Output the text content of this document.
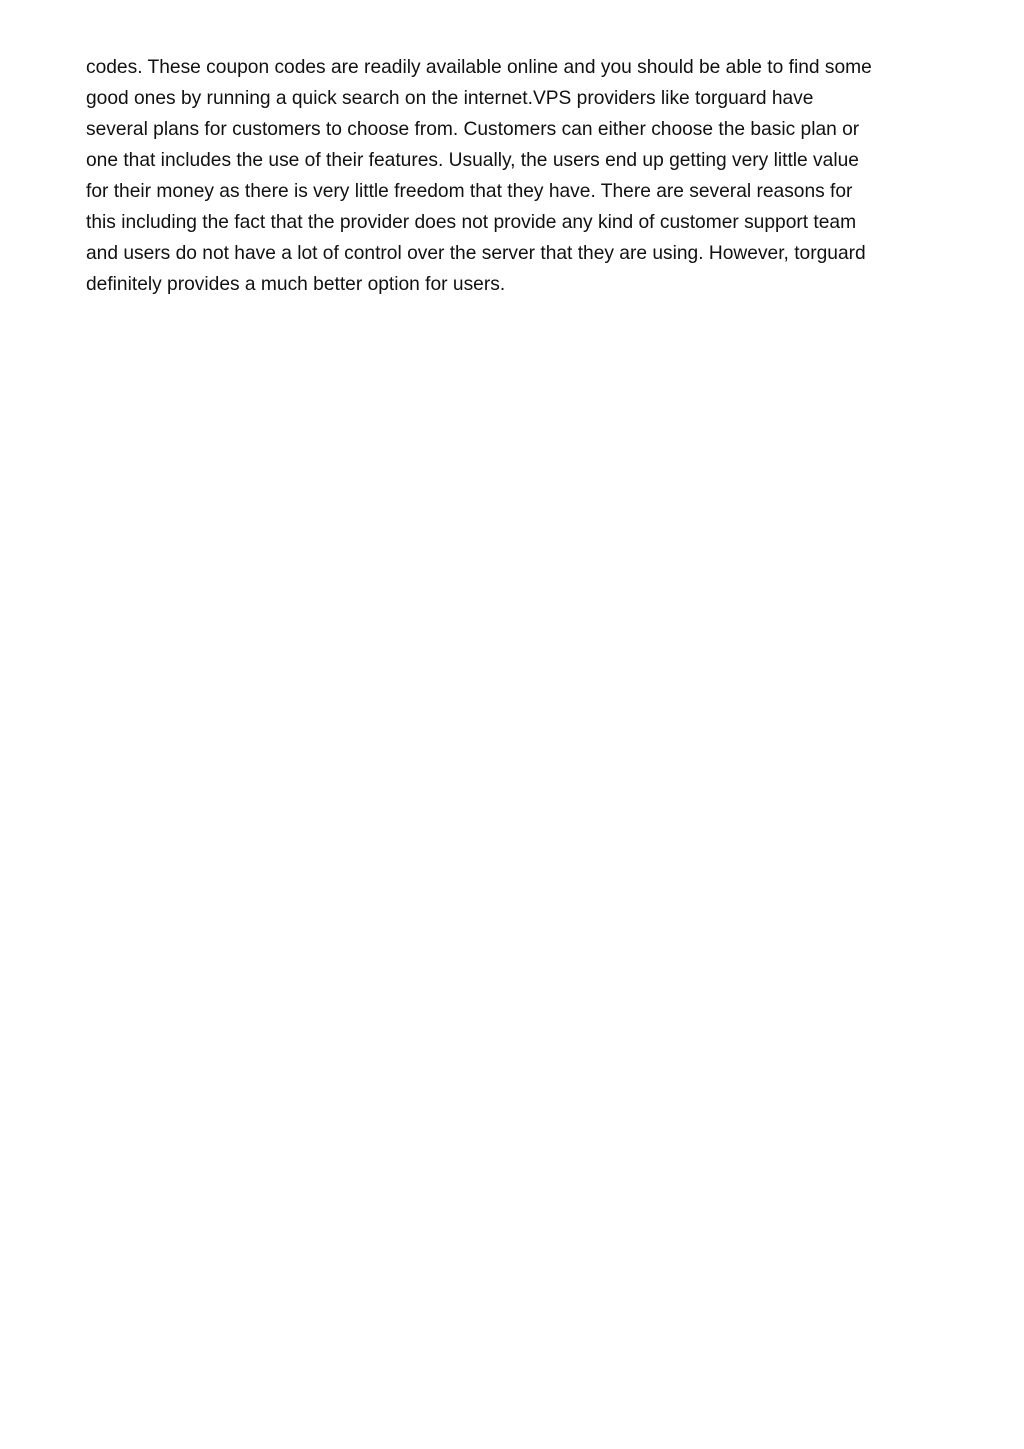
codes. These coupon codes are readily available online and you should be able to find some
good ones by running a quick search on the internet.VPS providers like torguard have
several plans for customers to choose from. Customers can either choose the basic plan or
one that includes the use of their features. Usually, the users end up getting very little value
for their money as there is very little freedom that they have. There are several reasons for
this including the fact that the provider does not provide any kind of customer support team
and users do not have a lot of control over the server that they are using. However, torguard
definitely provides a much better option for users.
